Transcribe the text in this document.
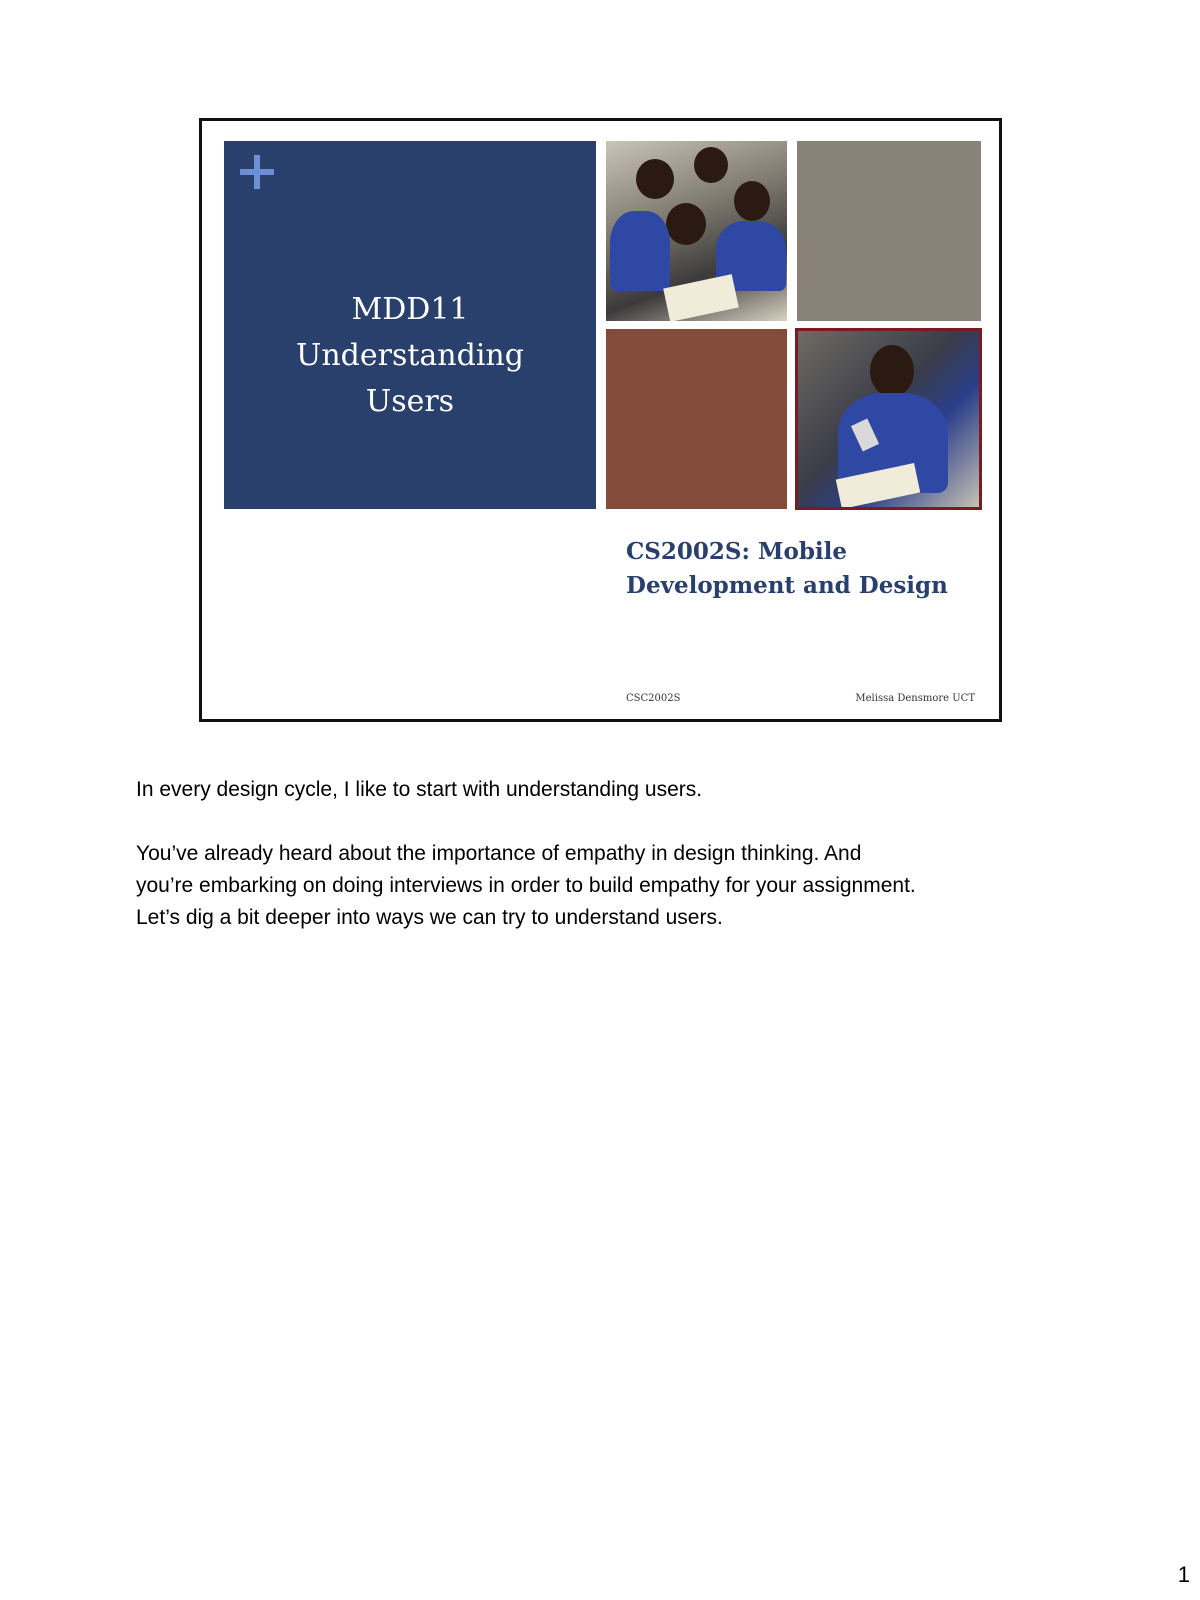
MDD11
Understanding
Users
CS2002S: Mobile
Development and Design
CSC2002S	Melissa Densmore UCT

In every design cycle, I like to start with understanding users.

You’ve already heard about the importance of empathy in design thinking. And

you’re embarking on doing interviews in order to build empathy for your assignment.

Let’s dig a bit deeper into ways we can try to understand users.

1
